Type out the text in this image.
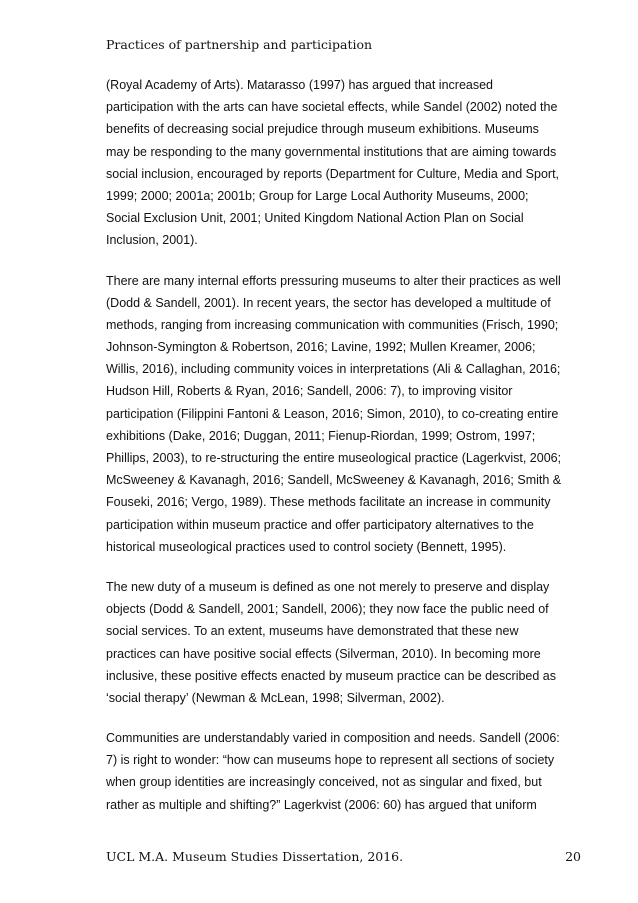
Practices of partnership and participation
(Royal Academy of Arts). Matarasso (1997) has argued that increased
participation with the arts can have societal effects, while Sandel (2002) noted the
benefits of decreasing social prejudice through museum exhibitions. Museums
may be responding to the many governmental institutions that are aiming towards
social inclusion, encouraged by reports (Department for Culture, Media and Sport,
1999; 2000; 2001a; 2001b; Group for Large Local Authority Museums, 2000;
Social Exclusion Unit, 2001; United Kingdom National Action Plan on Social
Inclusion, 2001).
There are many internal efforts pressuring museums to alter their practices as well
(Dodd & Sandell, 2001). In recent years, the sector has developed a multitude of
methods, ranging from increasing communication with communities (Frisch, 1990;
Johnson-Symington & Robertson, 2016; Lavine, 1992; Mullen Kreamer, 2006;
Willis, 2016), including community voices in interpretations (Ali & Callaghan, 2016;
Hudson Hill, Roberts & Ryan, 2016; Sandell, 2006: 7), to improving visitor
participation (Filippini Fantoni & Leason, 2016; Simon, 2010), to co-creating entire
exhibitions (Dake, 2016; Duggan, 2011; Fienup-Riordan, 1999; Ostrom, 1997;
Phillips, 2003), to re-structuring the entire museological practice (Lagerkvist, 2006;
McSweeney & Kavanagh, 2016; Sandell, McSweeney & Kavanagh, 2016; Smith &
Fouseki, 2016; Vergo, 1989). These methods facilitate an increase in community
participation within museum practice and offer participatory alternatives to the
historical museological practices used to control society (Bennett, 1995).
The new duty of a museum is defined as one not merely to preserve and display
objects (Dodd & Sandell, 2001; Sandell, 2006); they now face the public need of
social services. To an extent, museums have demonstrated that these new
practices can have positive social effects (Silverman, 2010). In becoming more
inclusive, these positive effects enacted by museum practice can be described as
‘social therapy’ (Newman & McLean, 1998; Silverman, 2002).
Communities are understandably varied in composition and needs. Sandell (2006:
7) is right to wonder: “how can museums hope to represent all sections of society
when group identities are increasingly conceived, not as singular and fixed, but
rather as multiple and shifting?” Lagerkvist (2006: 60) has argued that uniform
UCL M.A. Museum Studies Dissertation, 2016.	20
